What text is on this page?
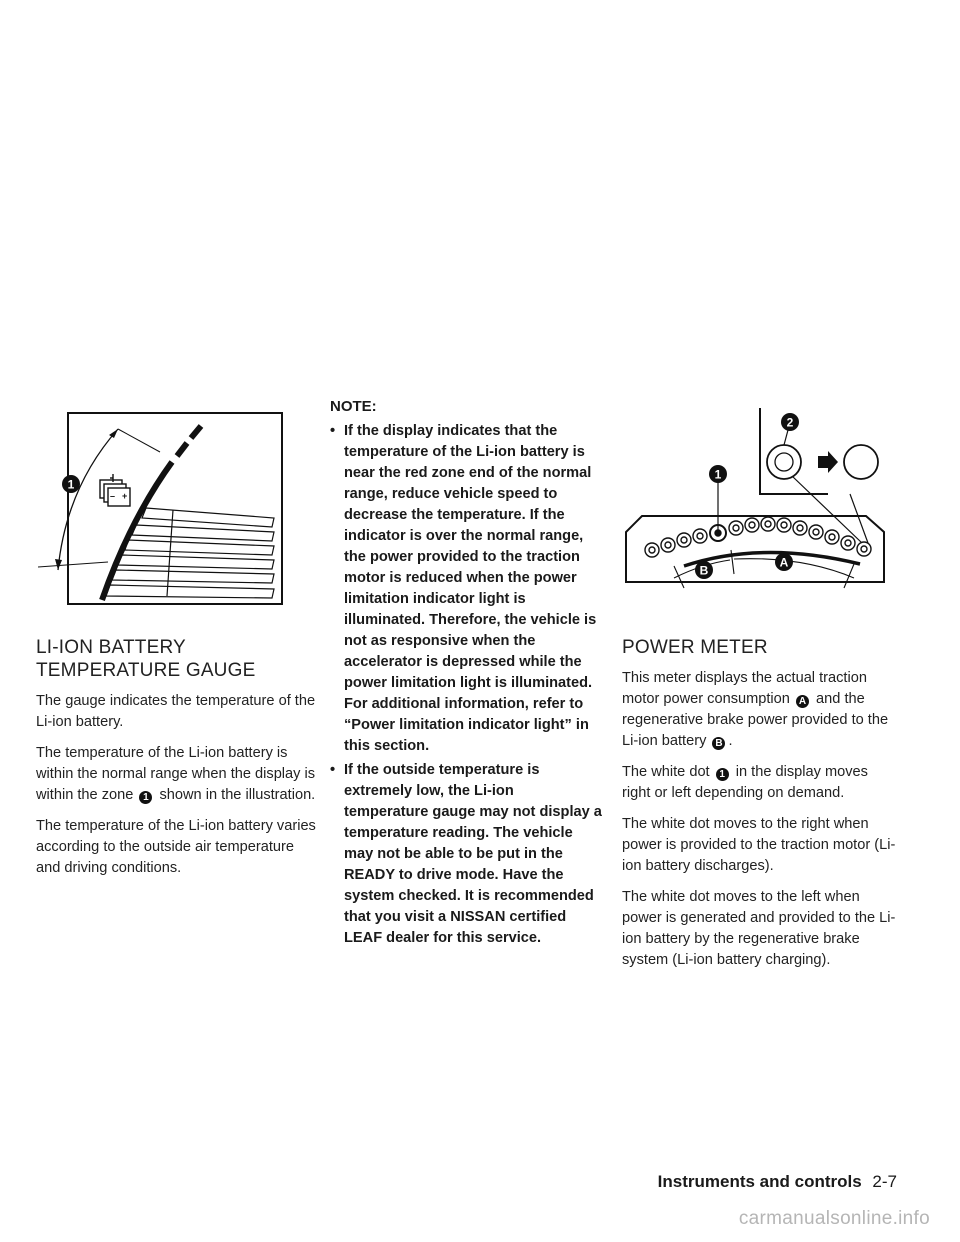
– +
1
LI-ION BATTERY TEMPERATURE GAUGE

The gauge indicates the temperature of the Li-ion battery.

The temperature of the Li-ion battery is within the normal range when the display is within the zone 1 shown in the illustration.

The temperature of the Li-ion battery varies according to the outside air temperature and driving conditions.

NOTE:

• If the display indicates that the temperature of the Li-ion battery is near the red zone end of the normal range, reduce vehicle speed to decrease the temperature. If the indicator is over the normal range, the power provided to the traction motor is reduced when the power limitation indicator light is illuminated. Therefore, the vehicle is not as responsive when the accelerator is depressed while the power limitation light is illuminated. For additional information, refer to “Power limitation indicator light” in this section.
• If the outside temperature is extremely low, the Li-ion temperature gauge may not display a temperature reading. The vehicle may not be able to be put in the READY to drive mode. Have the system checked. It is recommended that you visit a NISSAN certified LEAF dealer for this service.
1
2
A
B
POWER METER

This meter displays the actual traction motor power consumption A and the regenerative brake power provided to the Li-ion battery B .

The white dot 1 in the display moves right or left depending on demand.

The white dot moves to the right when power is provided to the traction motor (Li-ion battery discharges).

The white dot moves to the left when power is generated and provided to the Li-ion battery by the regenerative brake system (Li-ion battery charging).

Instruments and controls 2-7
carmanualsonline.info
